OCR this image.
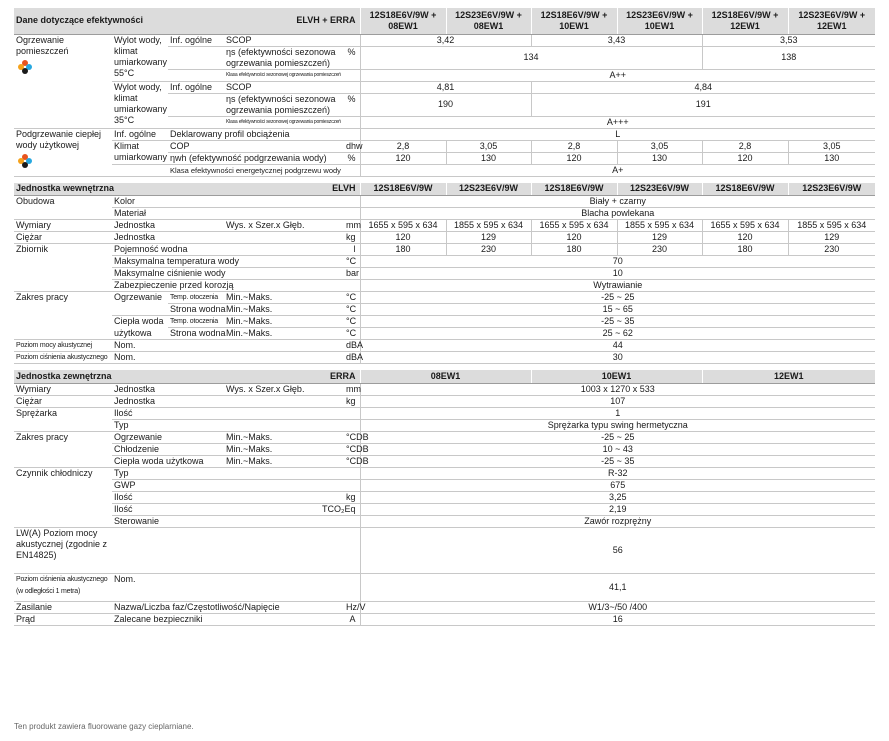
Dane dotyczące efektywności			ELVH + ERRA		12S18E6V/9W + 08EW1	12S23E6V/9W + 08EW1	12S18E6V/9W + 10EW1	12S23E6V/9W + 10EW1	12S18E6V/9W + 12EW1	12S23E6V/9W + 12EW1
Ogrzewanie pomieszczeń	Wylot wody, klimat umiarkowany 55°C	Inf. ogólne	SCOP		3,42		3,43		3,53	
			ηs (efektywności sezonowa ogrzewania pomieszczeń)	%	134				138	
			Klasa efektywności sezonowej ogrzewania pomieszczeń		A++					
	Wylot wody, klimat umiarkowany 35°C	Inf. ogólne	SCOP		4,81		4,84			
			ηs (efektywności sezonowa ogrzewania pomieszczeń)	%	190		191			
			Klasa efektywności sezonowej ogrzewania pomieszczeń		A+++					
Podgrzewanie ciepłej wody użytkowej	Inf. ogólne	Deklarowany profil obciążenia			L					
	Klimat umiarkowany	COP		dhw	2,8	3,05	2,8	3,05	2,8	3,05
		ηwh (efektywność podgrzewania wody)		%	120	130	120	130	120	130
		Klasa efektywności energetycznej podgrzewu wody			A+					

Jednostka wewnętrzna			ELVH		12S18E6V/9W	12S23E6V/9W	12S18E6V/9W	12S23E6V/9W	12S18E6V/9W	12S23E6V/9W
Obudowa	Kolor				Biały + czarny					
	Materiał				Blacha powlekana					
Wymiary	Jednostka		Wys. x Szer.x Głęb.	mm	1655 x 595 x 634	1855 x 595 x 634	1655 x 595 x 634	1855 x 595 x 634	1655 x 595 x 634	1855 x 595 x 634
Ciężar	Jednostka			kg	120	129	120	129	120	129
Zbiornik	Pojemność wodna			l	180	230	180	230	180	230
	Maksymalna temperatura wody			°C	70					
	Maksymalne ciśnienie wody			bar	10					
	Zabezpieczenie przed korozją				Wytrawianie					
Zakres pracy	Ogrzewanie	Temp. otoczenia	Min.~Maks.	°C	-25 ~ 25					
		Strona wodna	Min.~Maks.	°C	15 ~ 65					
	Ciepła woda	Temp. otoczenia	Min.~Maks.	°C	-25 ~ 35					
	użytkowa	Strona wodna	Min.~Maks.	°C	25 ~ 62					
Poziom mocy akustycznej	Nom.			dBA	44					
Poziom ciśnienia akustycznego	Nom.			dBA	30					

Jednostka zewnętrzna			ERRA		08EW1		10EW1		12EW1	
Wymiary	Jednostka		Wys. x Szer.x Głęb.	mm	1003 x 1270 x 533					
Ciężar	Jednostka			kg	107					
Sprężarka	Ilość				1					
	Typ				Sprężarka typu swing hermetyczna					
Zakres pracy	Ogrzewanie		Min.~Maks.	°CDB	-25 ~ 25					
	Chłodzenie		Min.~Maks.	°CDB	10 ~ 43					
	Ciepła woda użytkowa		Min.~Maks.	°CDB	-25 ~ 35					
Czynnik chłodniczy	Typ				R-32					
	GWP				675					
	Ilość			kg	3,25					
	Ilość		TCO₂Eq		2,19					
	Sterowanie				Zawór rozprężny					
LW(A) Poziom mocy akustycznej (zgodnie z EN14825)					56					

Poziom ciśnienia akustycznego
(w odległości 1 metra)	Nom.				41,1					
Zasilanie	Nazwa/Liczba faz/Częstotliwość/Napięcie			Hz/V	W1/3~/50 /400					
Prąd	Zalecane bezpieczniki			A	16					
Ten produkt zawiera fluorowane gazy cieplarniane.
